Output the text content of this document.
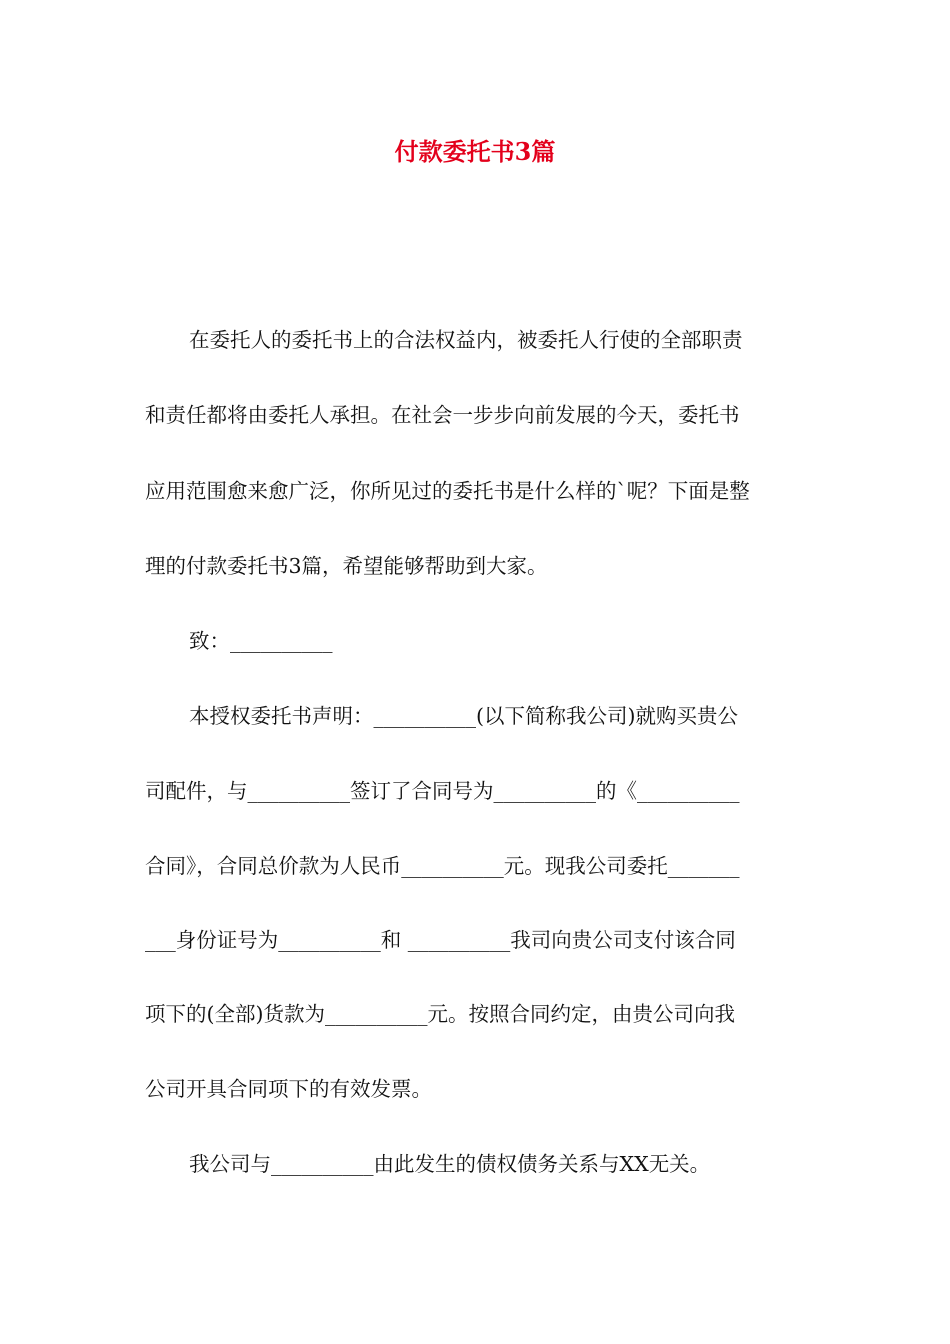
付款委托书3篇
在委托人的委托书上的合法权益内，被委托人行使的全部职责
和责任都将由委托人承担。在社会一步步向前发展的今天，委托书
应用范围愈来愈广泛，你所见过的委托书是什么样的`呢？下面是整
理的付款委托书3篇，希望能够帮助到大家。
致：__________
本授权委托书声明：__________(以下简称我公司)就购买贵公
司配件，与__________签订了合同号为__________的《__________
合同》，合同总价款为人民币__________元。现我公司委托_______
___身份证号为__________和 __________我司向贵公司支付该合同
项下的(全部)货款为__________元。按照合同约定，由贵公司向我
公司开具合同项下的有效发票。
我公司与__________由此发生的债权债务关系与XX无关。
